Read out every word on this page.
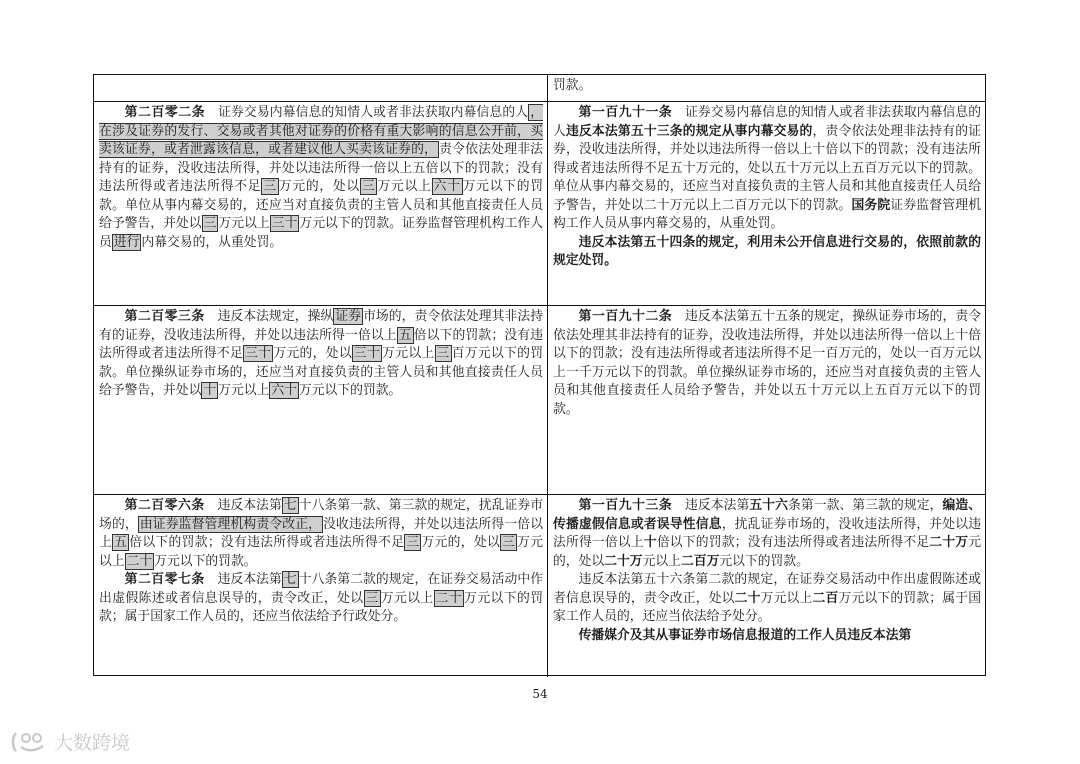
罚款。

第二百零二条　证券交易内幕信息的知情人或者非法获取内幕信息的人 ，在涉及证券的发行、交易或者其他对证券的价格有重大影响的信息公开前，买卖该证券，或者泄露该信息，或者建议他人买卖该证券的， 责令依法处理非法持有的证券，没收违法所得，并处以违法所得一倍以上五倍以下的罚款；没有违法所得或者违法所得不足 三 万元的，处以 三 万元以上 六十 万元以下的罚款。单位从事内幕交易的，还应当对直接负责的主管人员和其他直接责任人员给予警告，并处以 三 万元以上 三十 万元以下的罚款。证券监督管理机构工作人员 进行 内幕交易的，从重处罚。

第一百九十一条　证券交易内幕信息的知情人或者非法获取内幕信息的人违反本法第五十三条的规定从事内幕交易的，责令依法处理非法持有的证券，没收违法所得，并处以违法所得一倍以上十倍以下的罚款；没有违法所得或者违法所得不足五十万元的，处以五十万元以上五百万元以下的罚款。单位从事内幕交易的，还应当对直接负责的主管人员和其他直接责任人员给予警告，并处以二十万元以上二百万元以下的罚款。国务院证券监督管理机构工作人员从事内幕交易的，从重处罚。

违反本法第五十四条的规定，利用未公开信息进行交易的，依照前款的规定处罚。

第二百零三条　违反本法规定，操纵 证券 市场的，责令依法处理其非法持有的证券，没收违法所得，并处以违法所得一倍以上 五 倍以下的罚款；没有违法所得或者违法所得不足 三十 万元的，处以 三十 万元以上 三 百万元以下的罚款。单位操纵证券市场的，还应当对直接负责的主管人员和其他直接责任人员给予警告，并处以 十 万元以上 六十 万元以下的罚款。

第一百九十二条　违反本法第五十五条的规定，操纵证券市场的，责令依法处理其非法持有的证券，没收违法所得，并处以违法所得一倍以上十倍以下的罚款；没有违法所得或者违法所得不足一百万元的，处以一百万元以上一千万元以下的罚款。单位操纵证券市场的，还应当对直接负责的主管人员和其他直接责任人员给予警告，并处以五十万元以上五百万元以下的罚款。

第二百零六条　违反本法第 七 十八条第一款、第三款的规定，扰乱证券市场的， 由证券监督管理机构责令改正， 没收违法所得，并处以违法所得一倍以上 五 倍以下的罚款；没有违法所得或者违法所得不足 三 万元的，处以 三 万元以上 二十 万元以下的罚款。

第二百零七条　违反本法第 七 十八条第二款的规定，在证券交易活动中作出虚假陈述或者信息误导的，责令改正，处以 三 万元以上 二十 万元以下的罚款；属于国家工作人员的，还应当依法给予行政处分。

第一百九十三条　违反本法第五十六条第一款、第三款的规定，编造、传播虚假信息或者误导性信息，扰乱证券市场的，没收违法所得，并处以违法所得一倍以上十倍以下的罚款；没有违法所得或者违法所得不足二十万元的，处以二十万元以上二百万元以下的罚款。

违反本法第五十六条第二款的规定，在证券交易活动中作出虚假陈述或者信息误导的，责令改正，处以二十万元以上二百万元以下的罚款；属于国家工作人员的，还应当依法给予处分。

传播媒介及其从事证券市场信息报道的工作人员违反本法第

54
大数跨境
